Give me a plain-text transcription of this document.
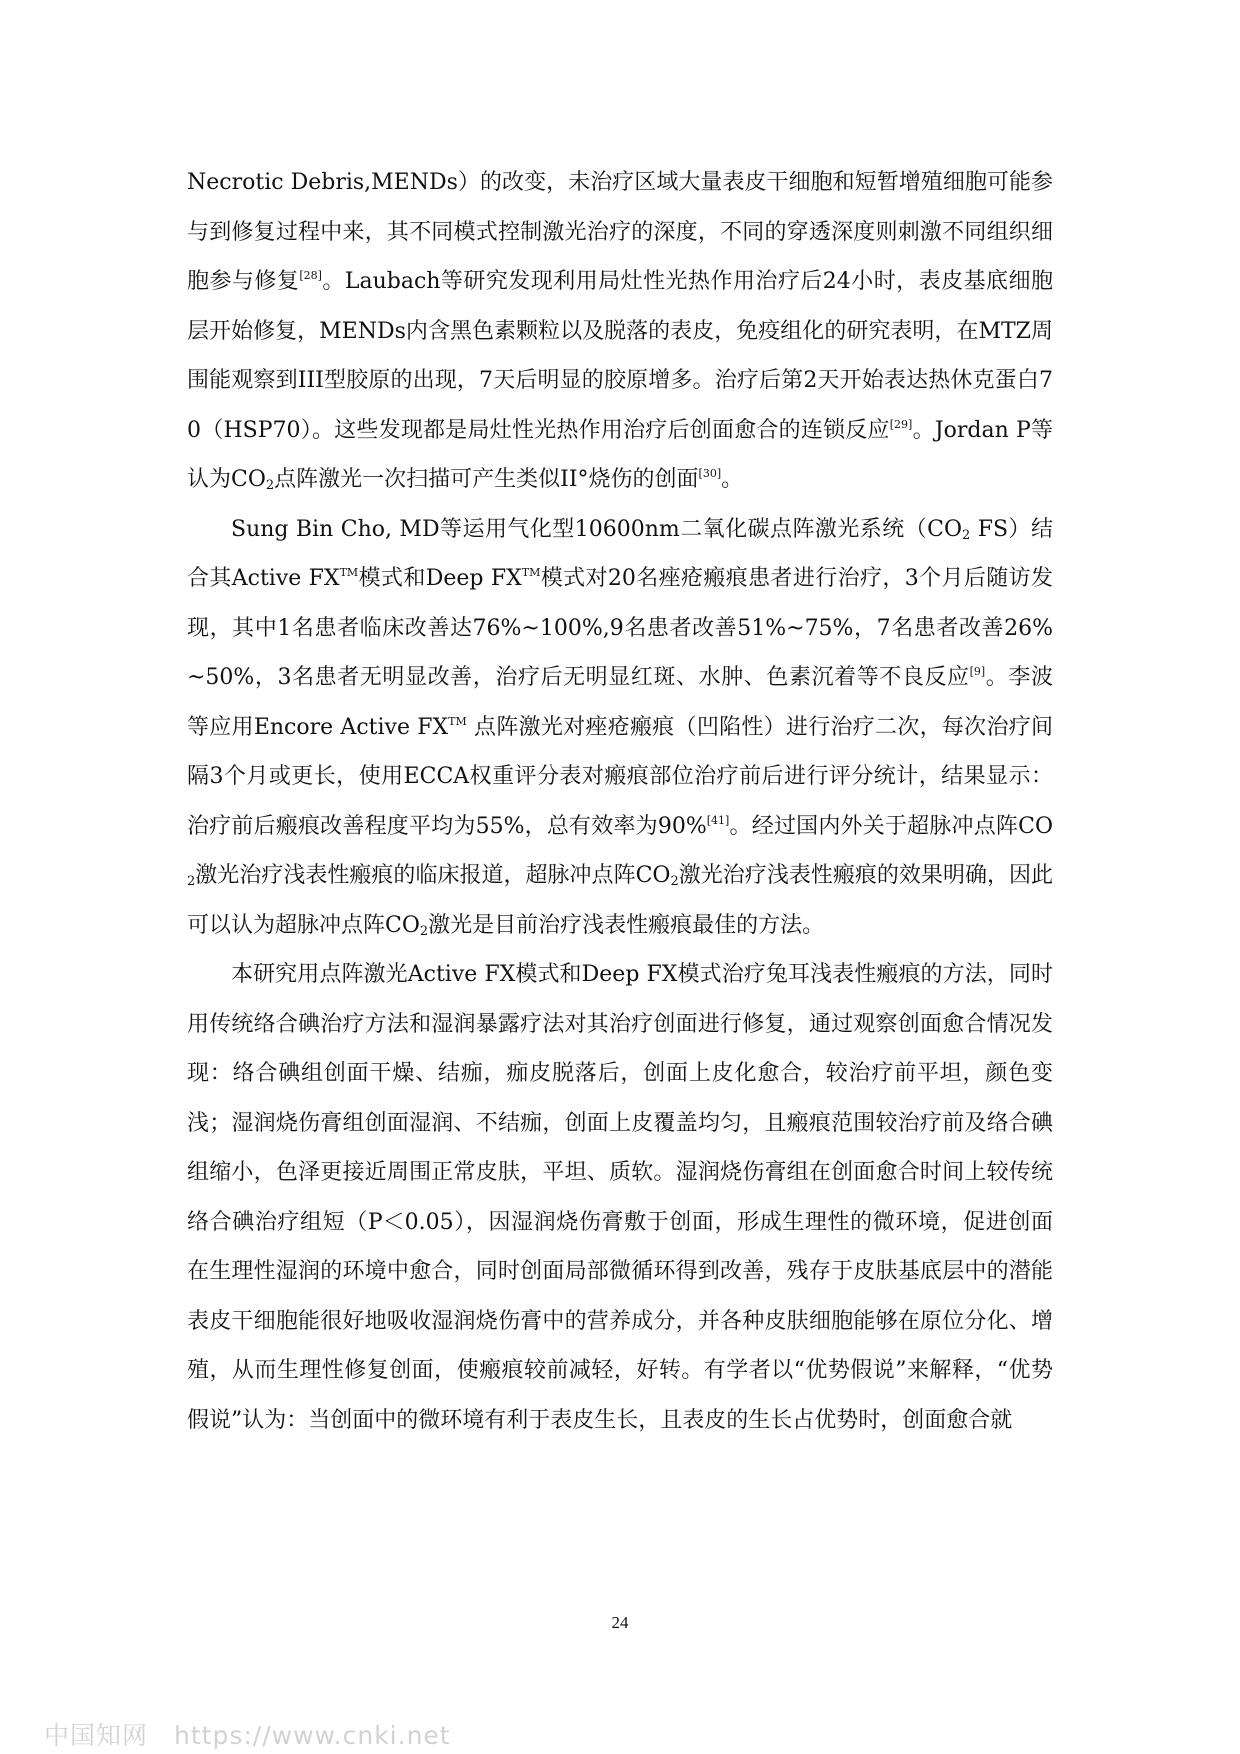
Necrotic Debris,MENDs）的改变，未治疗区域大量表皮干细胞和短暂增殖细胞可能参与到修复过程中来，其不同模式控制激光治疗的深度，不同的穿透深度则刺激不同组织细胞参与修复[28]。Laubach等研究发现利用局灶性光热作用治疗后24小时，表皮基底细胞层开始修复，MENDs内含黑色素颗粒以及脱落的表皮，免疫组化的研究表明，在MTZ周围能观察到III型胶原的出现，7天后明显的胶原增多。治疗后第2天开始表达热休克蛋白70（HSP70）。这些发现都是局灶性光热作用治疗后创面愈合的连锁反应[29]。Jordan P等认为$CO_2$点阵激光一次扫描可产生类似II°烧伤的创面[30]。

Sung Bin Cho, MD等运用气化型10600nm二氧化碳点阵激光系统（$CO_2$ FS）结合其Active FX™模式和Deep FX™模式对20名痤疮瘢痕患者进行治疗，3个月后随访发现，其中1名患者临床改善达76%~100%,9名患者改善51%~75%，7名患者改善26%~50%，3名患者无明显改善，治疗后无明显红斑、水肿、色素沉着等不良反应[9]。李波等应用Encore Active FX™ 点阵激光对痤疮瘢痕（凹陷性）进行治疗二次，每次治疗间隔3个月或更长，使用ECCA权重评分表对瘢痕部位治疗前后进行评分统计，结果显示：治疗前后瘢痕改善程度平均为55%，总有效率为90%[41]。经过国内外关于超脉冲点阵$CO_2$激光治疗浅表性瘢痕的临床报道，超脉冲点阵$CO_2$激光治疗浅表性瘢痕的效果明确，因此可以认为超脉冲点阵$CO_2$激光是目前治疗浅表性瘢痕最佳的方法。

本研究用点阵激光Active FX模式和Deep FX模式治疗兔耳浅表性瘢痕的方法，同时用传统络合碘治疗方法和湿润暴露疗法对其治疗创面进行修复，通过观察创面愈合情况发现：络合碘组创面干燥、结痂，痂皮脱落后，创面上皮化愈合，较治疗前平坦，颜色变浅；湿润烧伤膏组创面湿润、不结痂，创面上皮覆盖均匀，且瘢痕范围较治疗前及络合碘组缩小，色泽更接近周围正常皮肤，平坦、质软。湿润烧伤膏组在创面愈合时间上较传统络合碘治疗组短（P＜0.05），因湿润烧伤膏敷于创面，形成生理性的微环境，促进创面在生理性湿润的环境中愈合，同时创面局部微循环得到改善，残存于皮肤基底层中的潜能表皮干细胞能很好地吸收湿润烧伤膏中的营养成分，并各种皮肤细胞能够在原位分化、增殖，从而生理性修复创面，使瘢痕较前减轻，好转。有学者以“优势假说”来解释，“优势假说”认为：当创面中的微环境有利于表皮生长，且表皮的生长占优势时，创面愈合就

24
中国知网 https://www.cnki.net
